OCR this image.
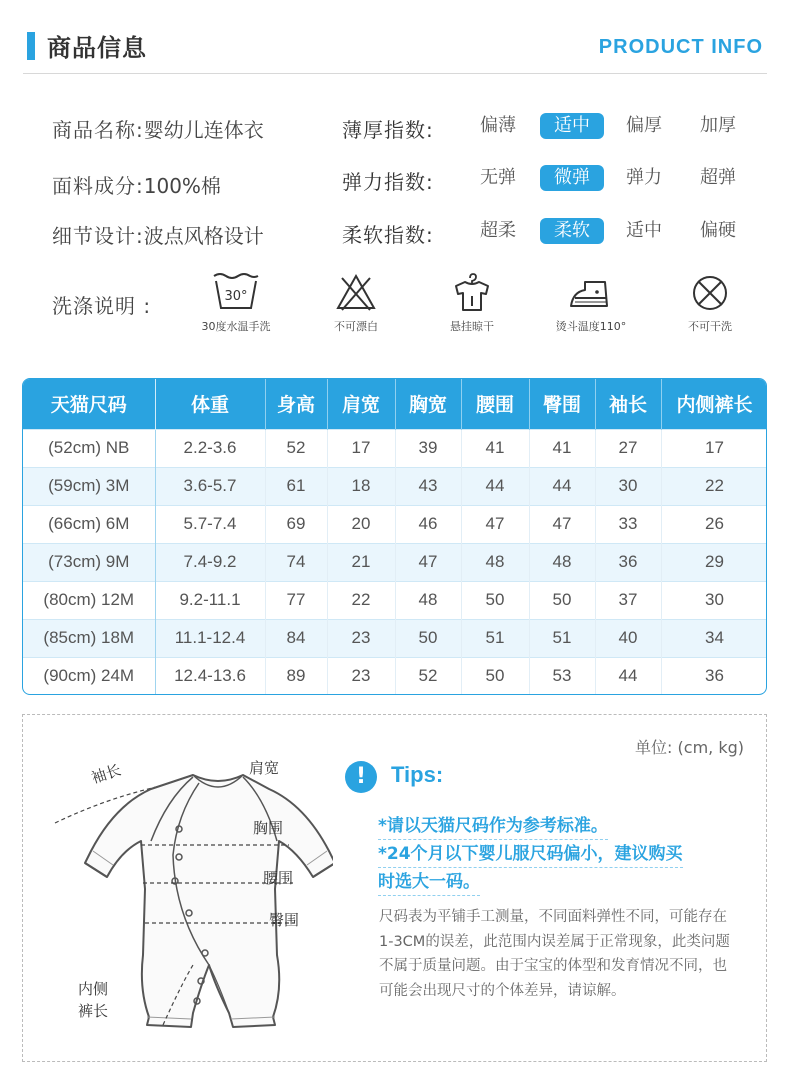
商品信息	PRODUCT INFO
商品名称:婴幼儿连体衣
面料成分:100%棉
细节设计:波点风格设计
薄厚指数:	偏薄	适中	偏厚	加厚
弹力指数:	无弹	微弹	弹力	超弹
柔软指数:	超柔	柔软	适中	偏硬
洗涤说明 :	30°
30度水温手洗	不可漂白	悬挂晾干	烫斗温度110°	不可干洗
天猫尺码	体重	身高	肩宽	胸宽	腰围	臀围	袖长	内侧裤长
(52cm) NB	2.2-3.6	52	17	39	41	41	27	17
(59cm) 3M	3.6-5.7	61	18	43	44	44	30	22
(66cm) 6M	5.7-7.4	69	20	46	47	47	33	26
(73cm) 9M	7.4-9.2	74	21	47	48	48	36	29
(80cm) 12M	9.2-11.1	77	22	48	50	50	37	30
(85cm) 18M	11.1-12.4	84	23	50	51	51	40	34
(90cm) 24M	12.4-13.6	89	23	52	50	53	44	36
袖长	肩宽
胸围
腰围
臀围
内侧
裤长
单位: (cm, kg)
!	Tips:
*请以天猫尺码作为参考标准。
*24个月以下婴儿服尺码偏小，建议购买
时选大一码。
尺码表为平铺手工测量，不同面料弹性不同，可能存在1-3CM的误差，此范围内误差属于正常现象，此类问题不属于质量问题。由于宝宝的体型和发育情况不同，也可能会出现尺寸的个体差异，请谅解。
